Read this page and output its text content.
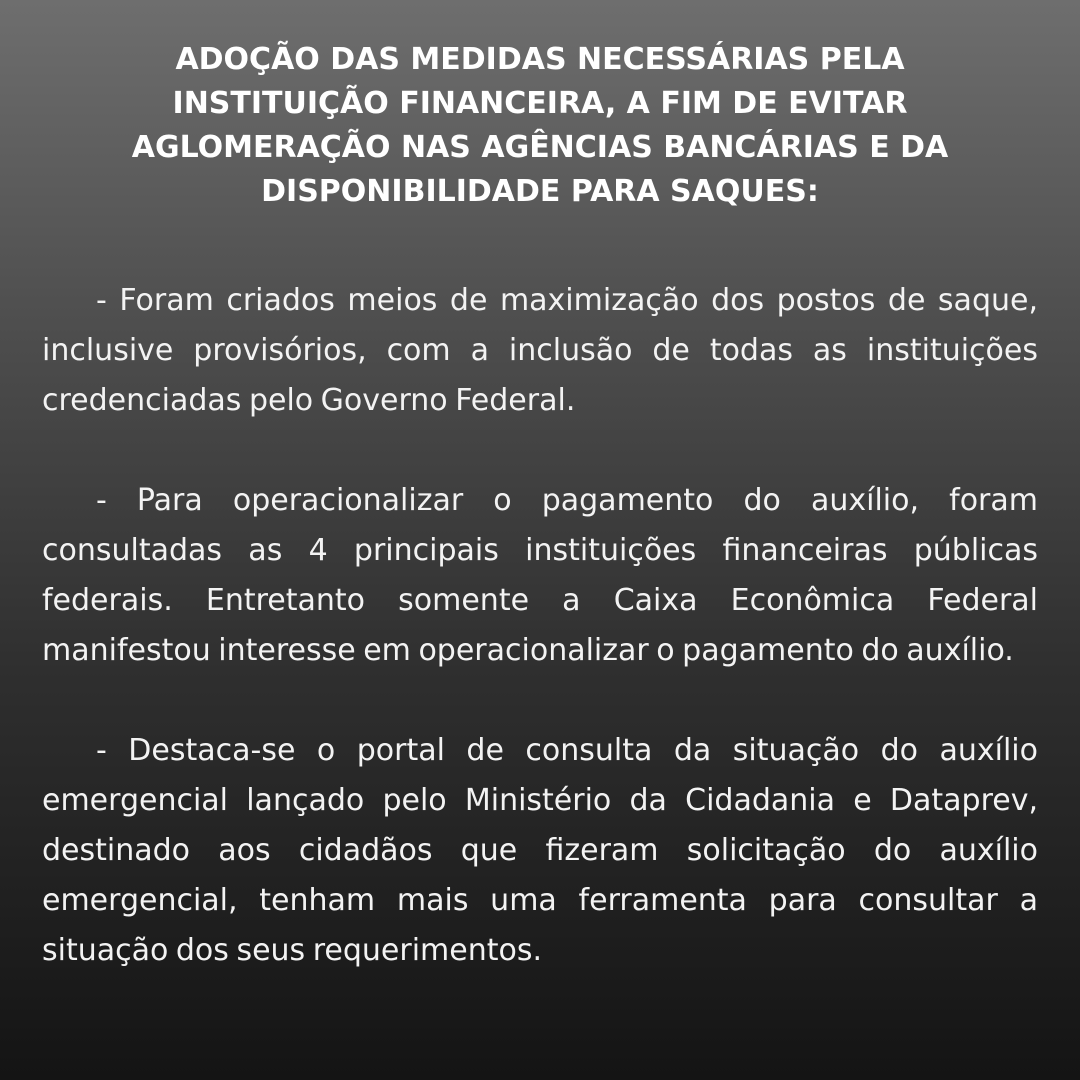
ADOÇÃO DAS MEDIDAS NECESSÁRIAS PELA
INSTITUIÇÃO FINANCEIRA, A FIM DE EVITAR
AGLOMERAÇÃO NAS AGÊNCIAS BANCÁRIAS E DA
DISPONIBILIDADE PARA SAQUES:

- Foram criados meios de maximização dos postos de saque, inclusive provisórios, com a inclusão de todas as instituições credenciadas pelo Governo Federal.

- Para operacionalizar o pagamento do auxílio, foram consultadas as 4 principais instituições financeiras públicas federais. Entretanto somente a Caixa Econômica Federal manifestou interesse em operacionalizar o pagamento do auxílio.

- Destaca-se o portal de consulta da situação do auxílio emergencial lançado pelo Ministério da Cidadania e Dataprev, destinado aos cidadãos que fizeram solicitação do auxílio emergencial, tenham mais uma ferramenta para consultar a situação dos seus requerimentos.
